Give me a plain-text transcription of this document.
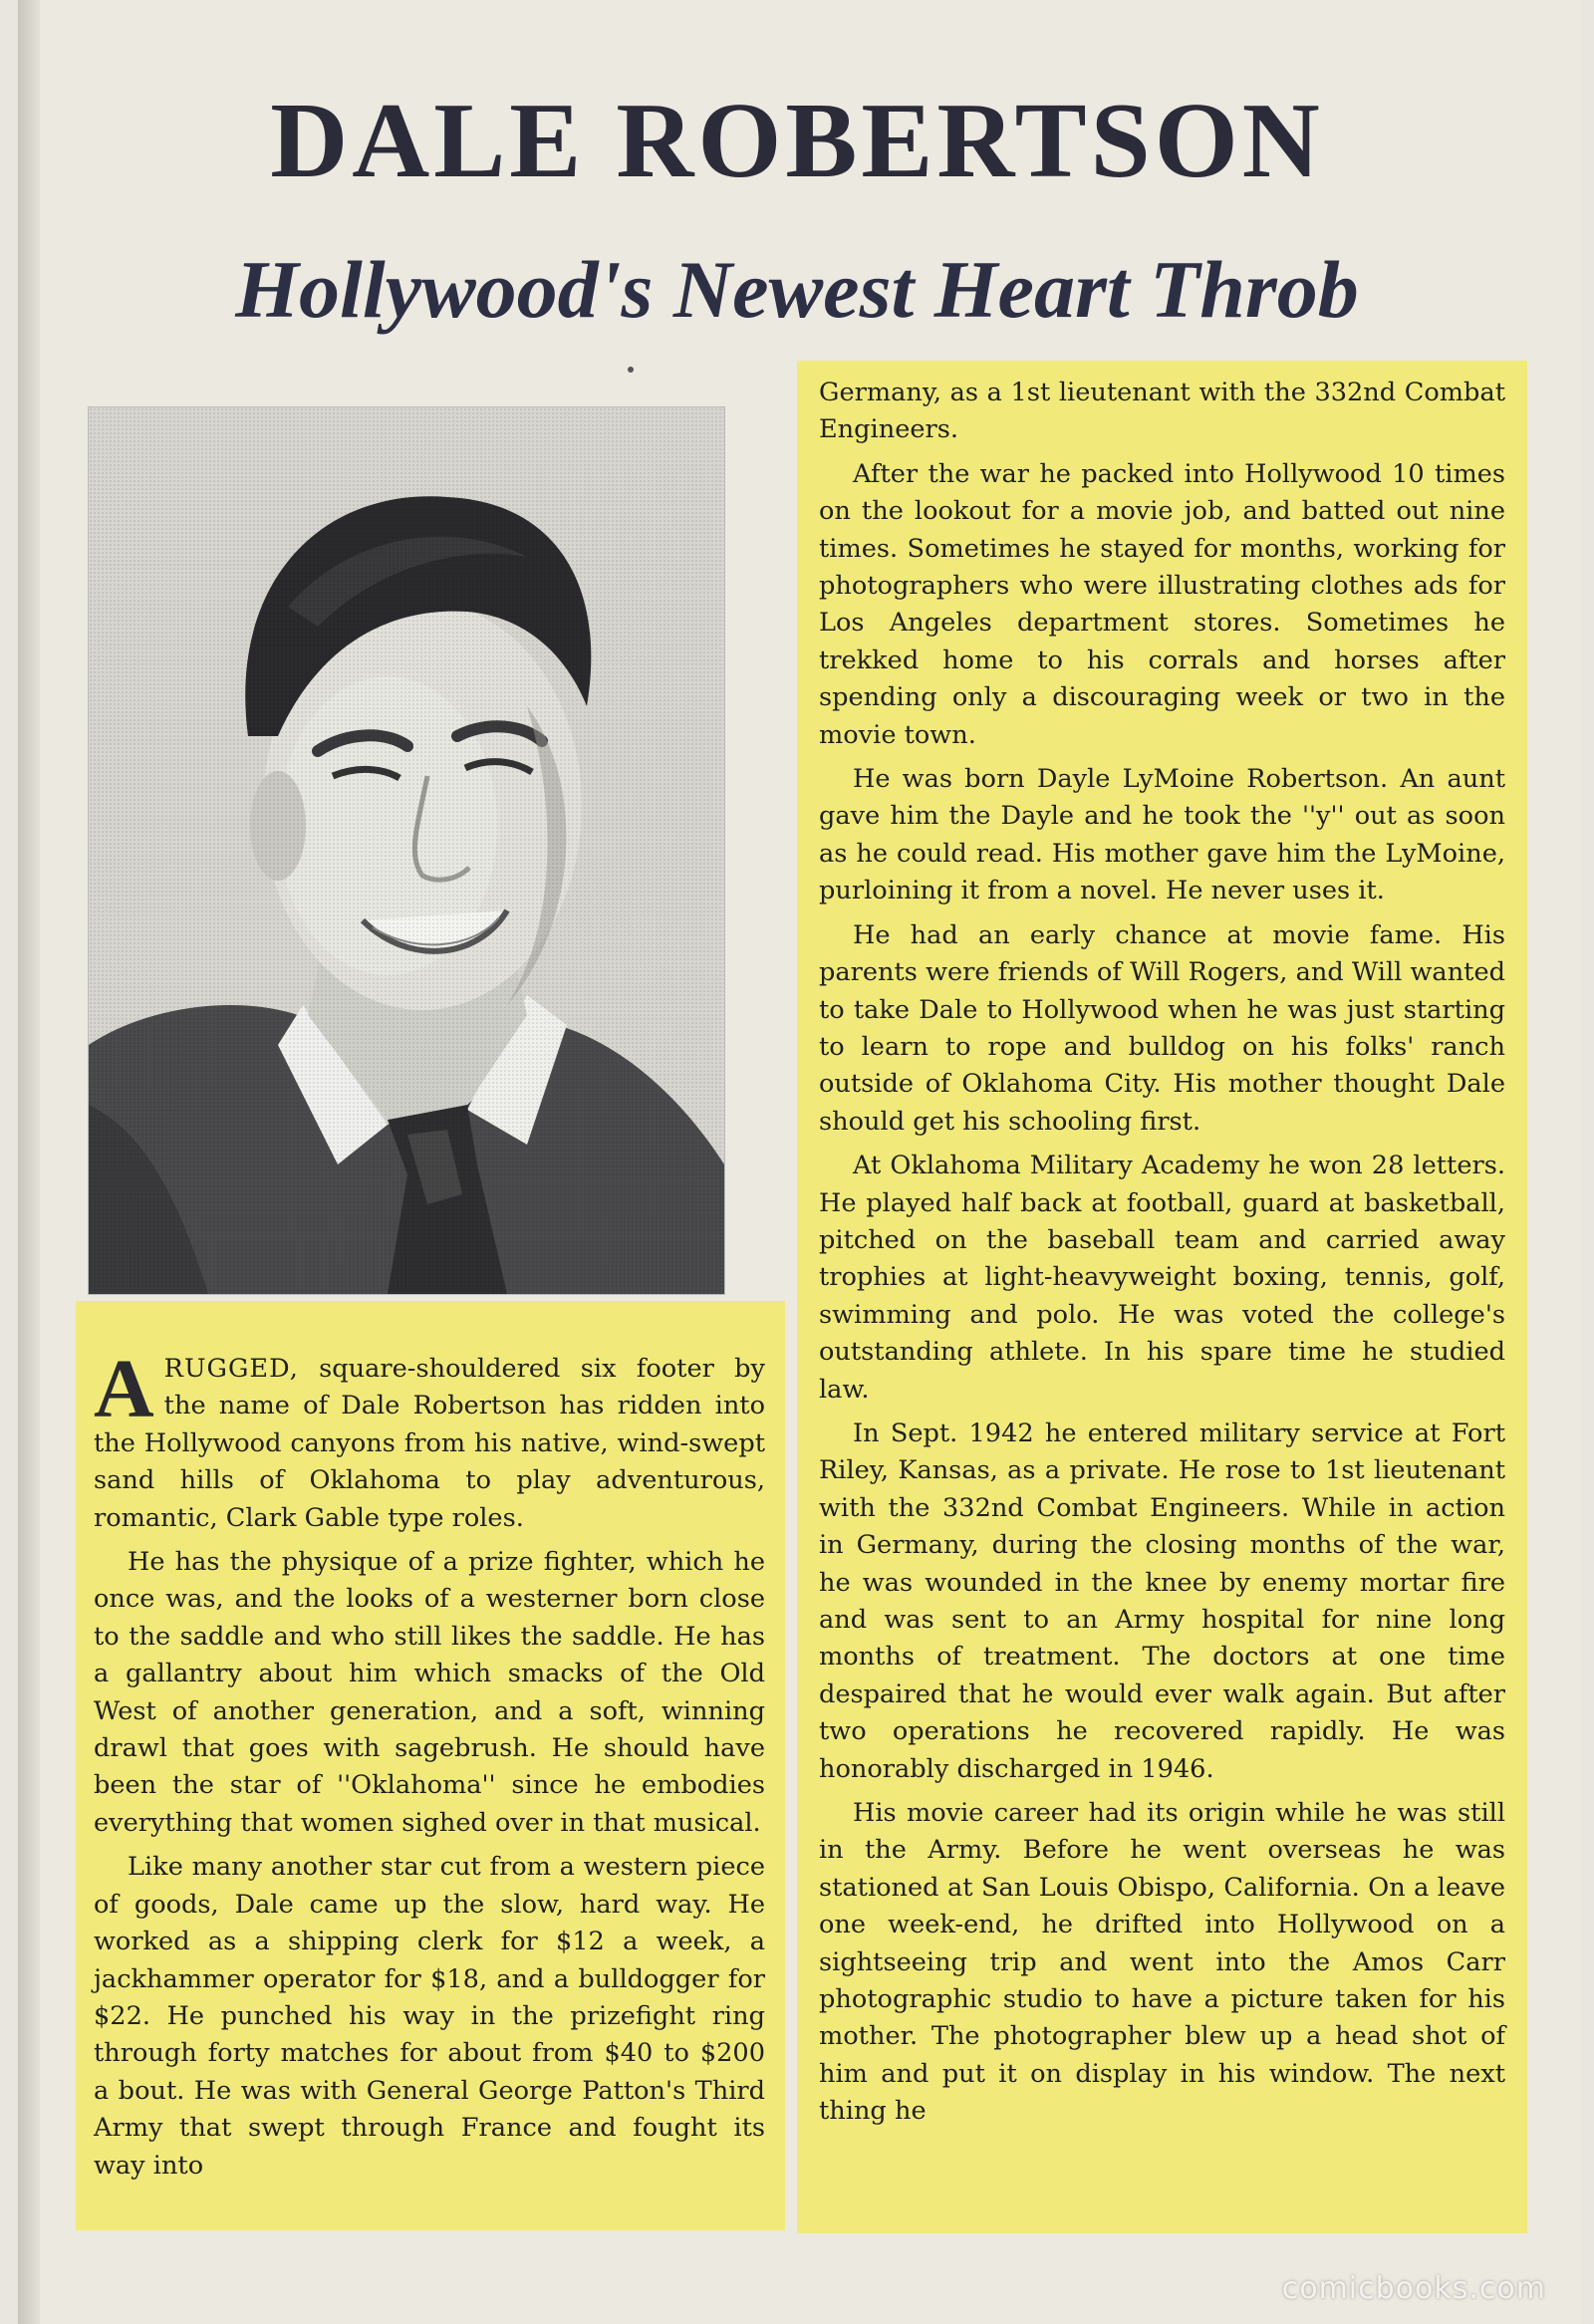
DALE ROBERTSON
Hollywood's Newest Heart Throb

ARUGGED, square-shouldered six footer by the name of Dale Robertson has ridden into the Hollywood canyons from his native, wind-swept sand hills of Oklahoma to play adventurous, romantic, Clark Gable type roles.

He has the physique of a prize fighter, which he once was, and the looks of a westerner born close to the saddle and who still likes the saddle. He has a gallantry about him which smacks of the Old West of another generation, and a soft, winning drawl that goes with sagebrush. He should have been the star of ''Oklahoma'' since he embodies everything that women sighed over in that musical.

Like many another star cut from a western piece of goods, Dale came up the slow, hard way. He worked as a shipping clerk for $12 a week, a jackhammer operator for $18, and a bulldogger for $22. He punched his way in the prizefight ring through forty matches for about from $40 to $200 a bout. He was with General George Patton's Third Army that swept through France and fought its way into

Germany, as a 1st lieutenant with the 332nd Combat Engineers.

After the war he packed into Hollywood 10 times on the lookout for a movie job, and batted out nine times. Sometimes he stayed for months, working for photographers who were illustrating clothes ads for Los Angeles department stores. Sometimes he trekked home to his corrals and horses after spending only a discouraging week or two in the movie town.

He was born Dayle LyMoine Robertson. An aunt gave him the Dayle and he took the ''y'' out as soon as he could read. His mother gave him the LyMoine, purloining it from a novel. He never uses it.

He had an early chance at movie fame. His parents were friends of Will Rogers, and Will wanted to take Dale to Hollywood when he was just starting to learn to rope and bulldog on his folks' ranch outside of Oklahoma City. His mother thought Dale should get his schooling first.

At Oklahoma Military Academy he won 28 letters. He played half back at football, guard at basketball, pitched on the baseball team and carried away trophies at light-heavyweight boxing, tennis, golf, swimming and polo. He was voted the college's outstanding athlete. In his spare time he studied law.

In Sept. 1942 he entered military service at Fort Riley, Kansas, as a private. He rose to 1st lieutenant with the 332nd Combat Engineers. While in action in Germany, during the closing months of the war, he was wounded in the knee by enemy mortar fire and was sent to an Army hospital for nine long months of treatment. The doctors at one time despaired that he would ever walk again. But after two operations he recovered rapidly. He was honorably discharged in 1946.

His movie career had its origin while he was still in the Army. Before he went overseas he was stationed at San Louis Obispo, California. On a leave one week-end, he drifted into Hollywood on a sightseeing trip and went into the Amos Carr photographic studio to have a picture taken for his mother. The photographer blew up a head shot of him and put it on display in his window. The next thing he

comicbooks.com
